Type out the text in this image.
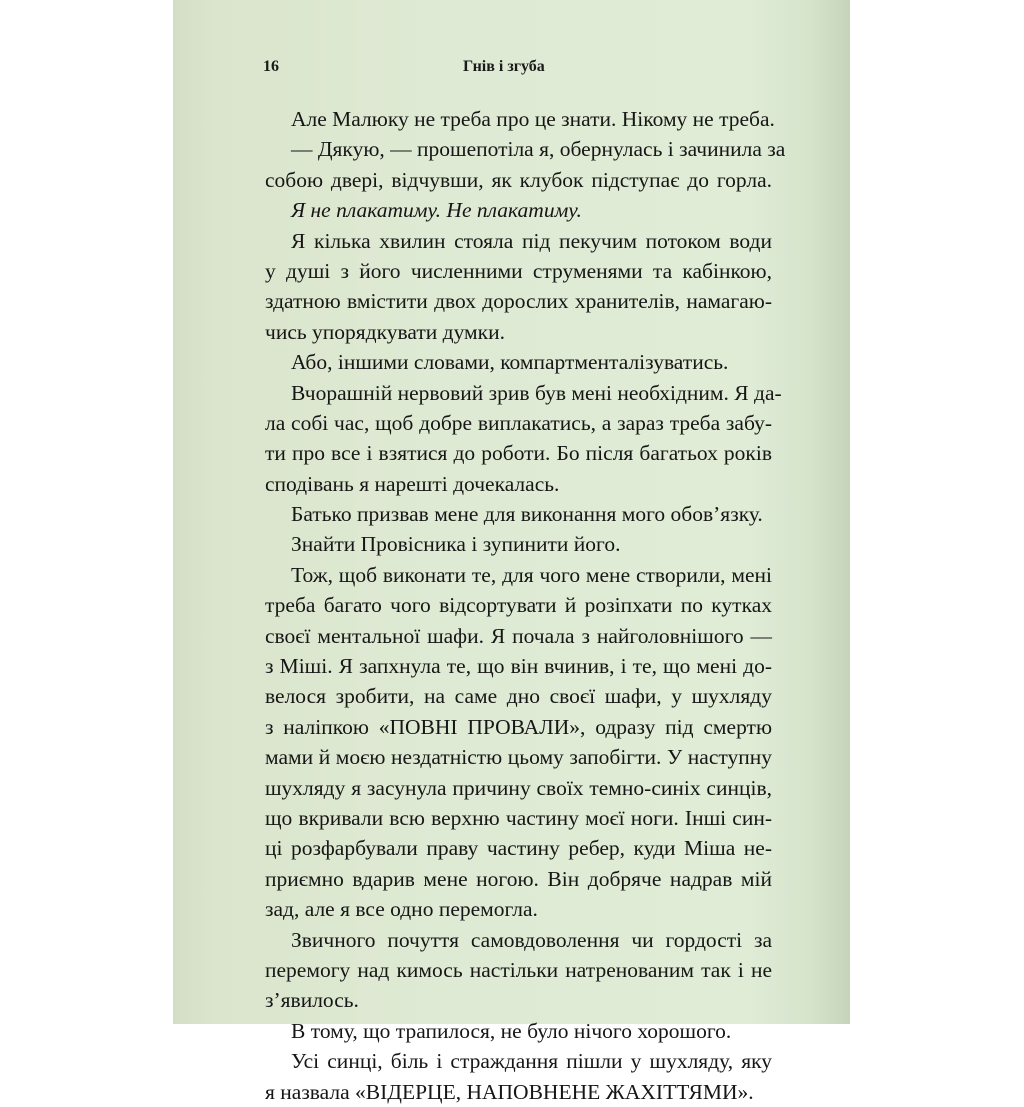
16	Гнів і згуба
Але Малюку не треба про це знати. Нікому не треба.
— Дякую, — прошепотіла я, обернулась і зачинила за
собою двері, відчувши, як клубок підступає до горла.
Я не плакатиму. Не плакатиму.
Я кілька хвилин стояла під пекучим потоком води
у душі з його численними струменями та кабінкою,
здатною вмістити двох дорослих хранителів, намагаю-
чись упорядкувати думки.
Або, іншими словами, компартменталізуватись.
Вчорашній нервовий зрив був мені необхідним. Я да-
ла собі час, щоб добре виплакатись, а зараз треба забу-
ти про все і взятися до роботи. Бо після багатьох років
сподівань я нарешті дочекалась.
Батько призвав мене для виконання мого обов’язку.
Знайти Провісника і зупинити його.
Тож, щоб виконати те, для чого мене створили, мені
треба багато чого відсортувати й розіпхати по кутках
своєї ментальної шафи. Я почала з найголовнішого —
з Міші. Я запхнула те, що він вчинив, і те, що мені до-
велося зробити, на саме дно своєї шафи, у шухляду
з наліпкою «ПОВНІ ПРОВАЛИ», одразу під смертю
мами й моєю нездатністю цьому запобігти. У наступну
шухляду я засунула причину своїх темно-синіх синців,
що вкривали всю верхню частину моєї ноги. Інші син-
ці розфарбували праву частину ребер, куди Міша не-
приємно вдарив мене ногою. Він добряче надрав мій
зад, але я все одно перемогла.
Звичного почуття самовдоволення чи гордості за
перемогу над кимось настільки натренованим так і не
з’явилось.
В тому, що трапилося, не було нічого хорошого.
Усі синці, біль і страждання пішли у шухляду, яку
я назвала «ВІДЕРЦЕ, НАПОВНЕНЕ ЖАХІТТЯМИ».
